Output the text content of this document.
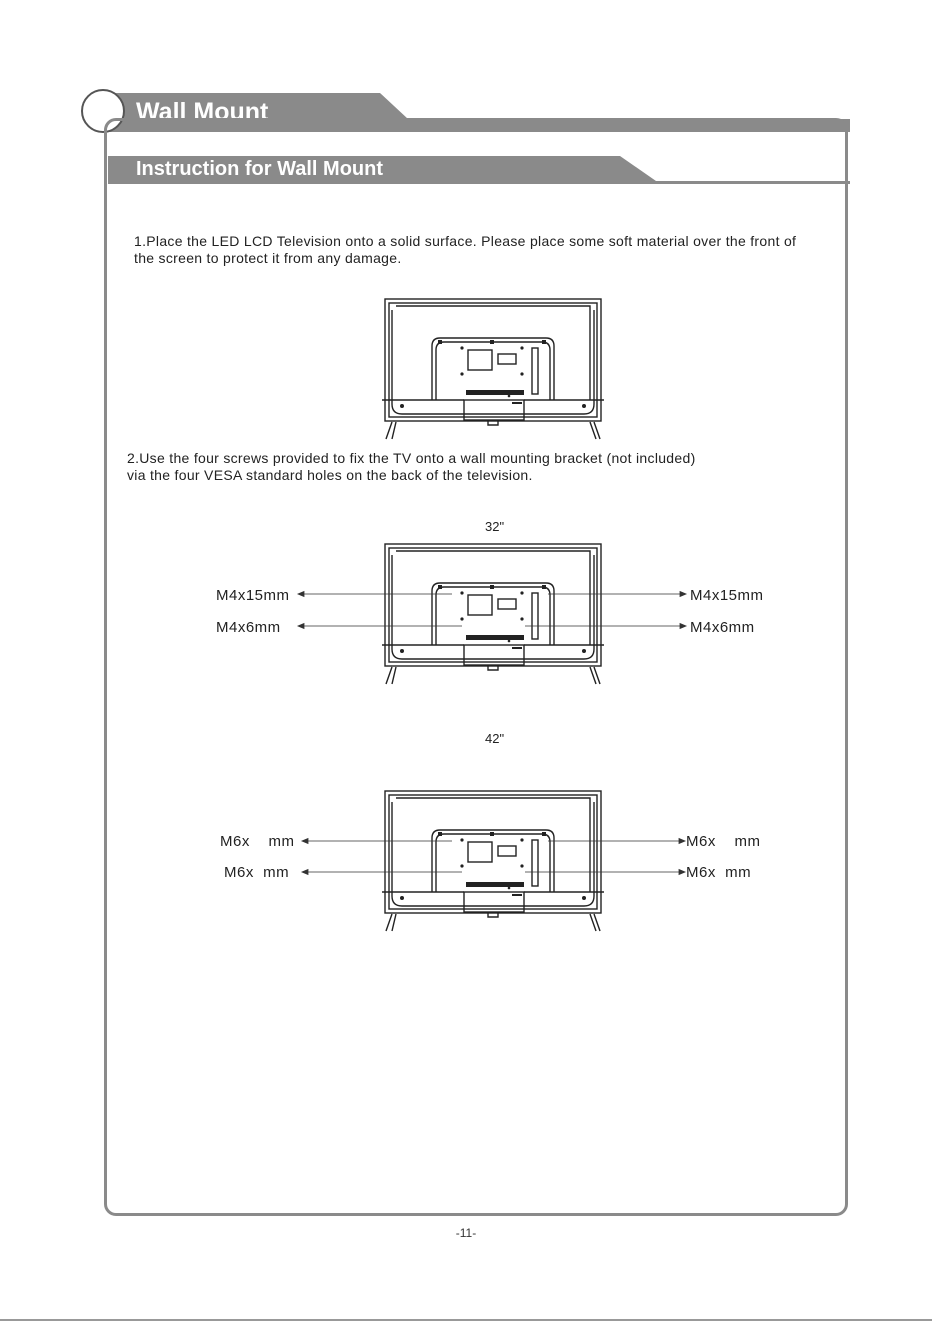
Wall Mount
Instruction for Wall Mount

1.Place the LED LCD Television onto a solid surface. Please place some soft material over the front of

the screen to protect it from any damage.

2.Use the four screws provided to fix the TV onto a wall mounting bracket (not included)

via the four VESA standard holes on the back of the television.

32"
M4x15mm
M4x6mm
M4x15mm
M4x6mm
42"
M6x    mm
M6x  mm
M6x    mm
M6x  mm
-11-
